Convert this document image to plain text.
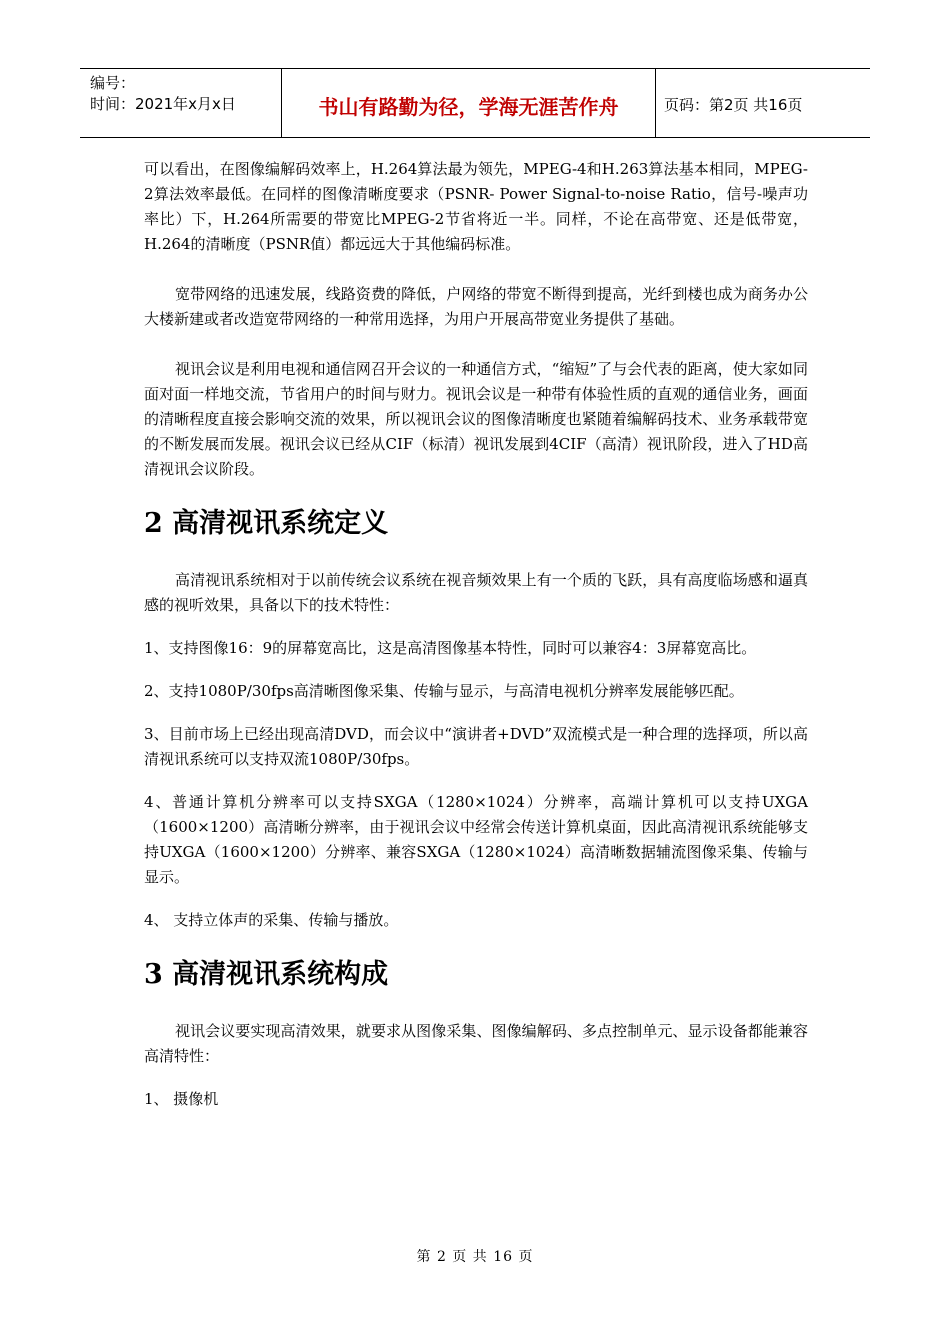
编号：
时间：2021年x月x日	书山有路勤为径，学海无涯苦作舟	页码：第2页 共16页

可以看出，在图像编解码效率上，H.264算法最为领先，MPEG-4和H.263算法基本相同，MPEG-2算法效率最低。在同样的图像清晰度要求（PSNR- Power Signal-to-noise Ratio，信号-噪声功率比）下，H.264所需要的带宽比MPEG-2节省将近一半。同样，不论在高带宽、还是低带宽，H.264的清晰度（PSNR值）都远远大于其他编码标准。

宽带网络的迅速发展，线路资费的降低，户网络的带宽不断得到提高，光纤到楼也成为商务办公大楼新建或者改造宽带网络的一种常用选择，为用户开展高带宽业务提供了基础。

视讯会议是利用电视和通信网召开会议的一种通信方式，“缩短”了与会代表的距离，使大家如同面对面一样地交流，节省用户的时间与财力。视讯会议是一种带有体验性质的直观的通信业务，画面的清晰程度直接会影响交流的效果，所以视讯会议的图像清晰度也紧随着编解码技术、业务承载带宽的不断发展而发展。视讯会议已经从CIF（标清）视讯发展到4CIF（高清）视讯阶段，进入了HD高清视讯会议阶段。

2 高清视讯系统定义

高清视讯系统相对于以前传统会议系统在视音频效果上有一个质的飞跃，具有高度临场感和逼真感的视听效果，具备以下的技术特性：

1、支持图像16：9的屏幕宽高比，这是高清图像基本特性，同时可以兼容4：3屏幕宽高比。

2、支持1080P/30fps高清晰图像采集、传输与显示，与高清电视机分辨率发展能够匹配。

3、目前市场上已经出现高清DVD，而会议中“演讲者+DVD”双流模式是一种合理的选择项，所以高清视讯系统可以支持双流1080P/30fps。

4、普通计算机分辨率可以支持SXGA（1280×1024）分辨率，高端计算机可以支持UXGA（1600×1200）高清晰分辨率，由于视讯会议中经常会传送计算机桌面，因此高清视讯系统能够支持UXGA（1600×1200）分辨率、兼容SXGA（1280×1024）高清晰数据辅流图像采集、传输与显示。

4、 支持立体声的采集、传输与播放。

3 高清视讯系统构成

视讯会议要实现高清效果，就要求从图像采集、图像编解码、多点控制单元、显示设备都能兼容高清特性：

1、 摄像机

第 2 页 共 16 页
